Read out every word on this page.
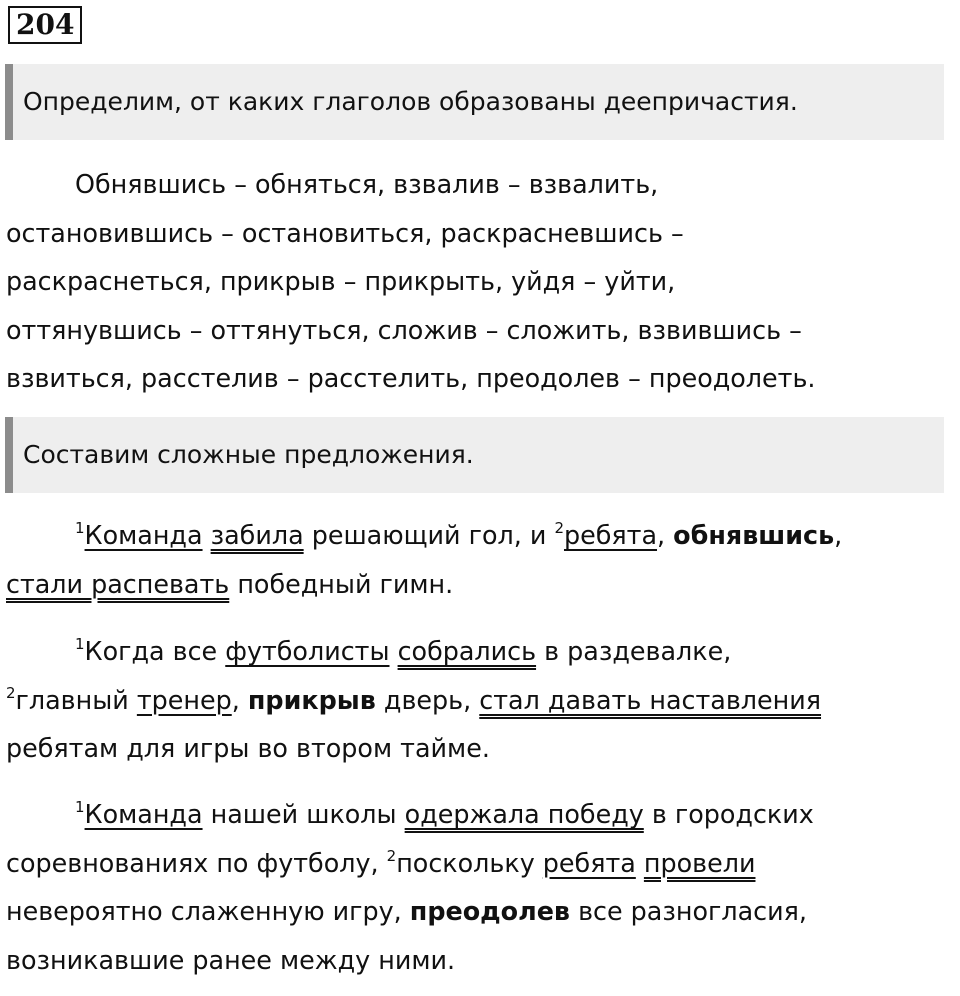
204
Определим, от каких глаголов образованы деепричастия.

Обнявшись – обняться, взвалив – взвалить,
остановившись – остановиться, раскрасневшись –
раскраснеться, прикрыв – прикрыть, уйдя – уйти,
оттянувшись – оттянуться, сложив – сложить, взвившись –
взвиться, расстелив – расстелить, преодолев – преодолеть.

Составим сложные предложения.

$^1$Команда забила решающий гол, и $^2$ребята, обнявшись,
стали распевать победный гимн.

$^1$Когда все футболисты собрались в раздевалке,
$^2$главный тренер, прикрыв дверь, стал давать наставления
ребятам для игры во втором тайме.

$^1$Команда нашей школы одержала победу в городских
соревнованиях по футболу, $^2$поскольку ребята провели
невероятно слаженную игру, преодолев все разногласия,
возникавшие ранее между ними.
